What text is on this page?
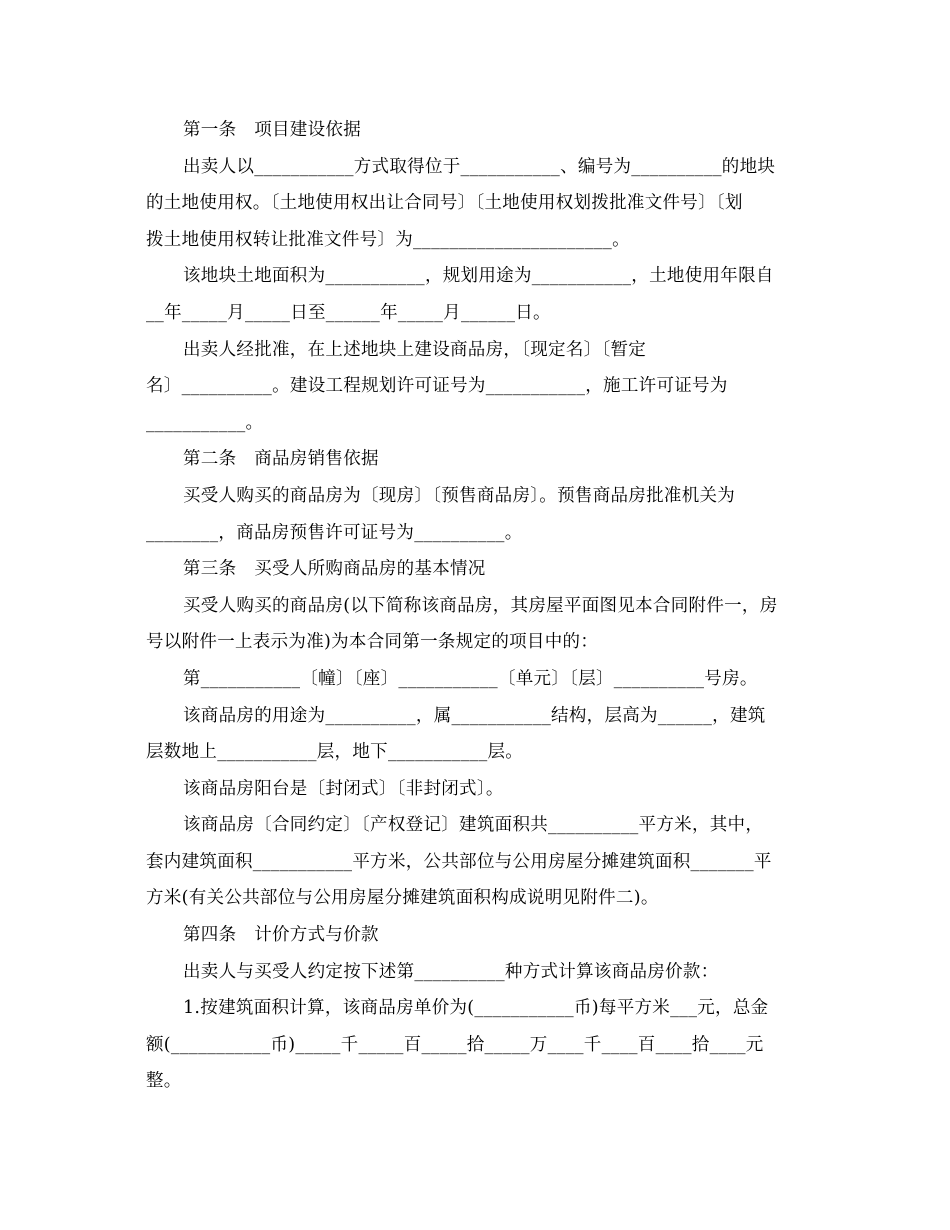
第一条　项目建设依据
出卖人以___________方式取得位于___________、编号为__________的地块
的土地使用权。〔土地使用权出让合同号〕〔土地使用权划拨批准文件号〕〔划
拨土地使用权转让批准文件号〕为______________________。
该地块土地面积为___________，规划用途为___________，土地使用年限自
__年_____月_____日至______年_____月______日。
出卖人经批准，在上述地块上建设商品房，〔现定名〕〔暂定
名〕__________。建设工程规划许可证号为___________，施工许可证号为
___________。
第二条　商品房销售依据
买受人购买的商品房为〔现房〕〔预售商品房〕。预售商品房批准机关为
________，商品房预售许可证号为__________。
第三条　买受人所购商品房的基本情况
买受人购买的商品房(以下简称该商品房，其房屋平面图见本合同附件一，房
号以附件一上表示为准)为本合同第一条规定的项目中的：
第___________〔幢〕〔座〕___________〔单元〕〔层〕__________号房。
该商品房的用途为__________，属___________结构，层高为______，建筑
层数地上___________层，地下___________层。
该商品房阳台是〔封闭式〕〔非封闭式〕。
该商品房〔合同约定〕〔产权登记〕建筑面积共__________平方米，其中，
套内建筑面积___________平方米，公共部位与公用房屋分摊建筑面积_______平
方米(有关公共部位与公用房屋分摊建筑面积构成说明见附件二)。
第四条　计价方式与价款
出卖人与买受人约定按下述第__________种方式计算该商品房价款：
1.按建筑面积计算，该商品房单价为(___________币)每平方米___元，总金
额(___________币)_____千_____百_____拾_____万____千____百____拾____元
整。
